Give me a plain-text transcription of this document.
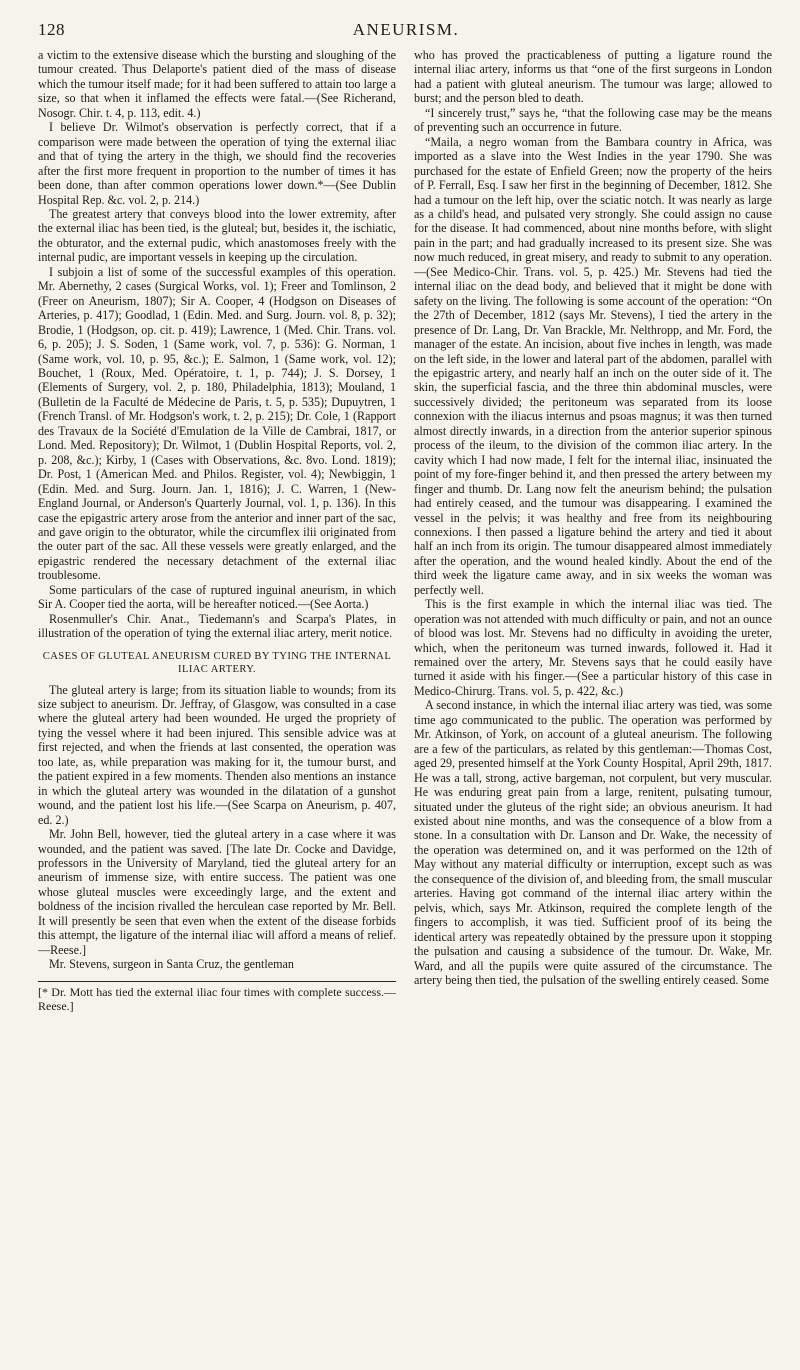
128	ANEURISM.

a victim to the extensive disease which the bursting and sloughing of the tumour created. Thus Delaporte's patient died of the mass of disease which the tumour itself made; for it had been suffered to attain too large a size, so that when it inflamed the effects were fatal.—(See Richerand, Nosogr. Chir. t. 4, p. 113, edit. 4.)

I believe Dr. Wilmot's observation is perfectly correct, that if a comparison were made between the operation of tying the external iliac and that of tying the artery in the thigh, we should find the recoveries after the first more frequent in proportion to the number of times it has been done, than after common operations lower down.*—(See Dublin Hospital Rep. &c. vol. 2, p. 214.)

The greatest artery that conveys blood into the lower extremity, after the external iliac has been tied, is the gluteal; but, besides it, the ischiatic, the obturator, and the external pudic, which anastomoses freely with the internal pudic, are important vessels in keeping up the circulation.

I subjoin a list of some of the successful examples of this operation. Mr. Abernethy, 2 cases (Surgical Works, vol. 1); Freer and Tomlinson, 2 (Freer on Aneurism, 1807); Sir A. Cooper, 4 (Hodgson on Diseases of Arteries, p. 417); Goodlad, 1 (Edin. Med. and Surg. Journ. vol. 8, p. 32); Brodie, 1 (Hodgson, op. cit. p. 419); Lawrence, 1 (Med. Chir. Trans. vol. 6, p. 205); J. S. Soden, 1 (Same work, vol. 7, p. 536): G. Norman, 1 (Same work, vol. 10, p. 95, &c.); E. Salmon, 1 (Same work, vol. 12); Bouchet, 1 (Roux, Med. Opératoire, t. 1, p. 744); J. S. Dorsey, 1 (Elements of Surgery, vol. 2, p. 180, Philadelphia, 1813); Mouland, 1 (Bulletin de la Faculté de Médecine de Paris, t. 5, p. 535); Dupuytren, 1 (French Transl. of Mr. Hodgson's work, t. 2, p. 215); Dr. Cole, 1 (Rapport des Travaux de la Société d'Emulation de la Ville de Cambrai, 1817, or Lond. Med. Repository); Dr. Wilmot, 1 (Dublin Hospital Reports, vol. 2, p. 208, &c.); Kirby, 1 (Cases with Observations, &c. 8vo. Lond. 1819); Dr. Post, 1 (American Med. and Philos. Register, vol. 4); Newbiggin, 1 (Edin. Med. and Surg. Journ. Jan. 1, 1816); J. C. Warren, 1 (New-England Journal, or Anderson's Quarterly Journal, vol. 1, p. 136). In this case the epigastric artery arose from the anterior and inner part of the sac, and gave origin to the obturator, while the circumflex ilii originated from the outer part of the sac. All these vessels were greatly enlarged, and the epigastric rendered the necessary detachment of the external iliac troublesome.

Some particulars of the case of ruptured inguinal aneurism, in which Sir A. Cooper tied the aorta, will be hereafter noticed.—(See Aorta.)

Rosenmuller's Chir. Anat., Tiedemann's and Scarpa's Plates, in illustration of the operation of tying the external iliac artery, merit notice.

CASES OF GLUTEAL ANEURISM CURED BY TYING THE INTERNAL ILIAC ARTERY.

The gluteal artery is large; from its situation liable to wounds; from its size subject to aneurism. Dr. Jeffray, of Glasgow, was consulted in a case where the gluteal artery had been wounded. He urged the propriety of tying the vessel where it had been injured. This sensible advice was at first rejected, and when the friends at last consented, the operation was too late, as, while preparation was making for it, the tumour burst, and the patient expired in a few moments. Thenden also mentions an instance in which the gluteal artery was wounded in the dilatation of a gunshot wound, and the patient lost his life.—(See Scarpa on Aneurism, p. 407, ed. 2.)

Mr. John Bell, however, tied the gluteal artery in a case where it was wounded, and the patient was saved. [The late Dr. Cocke and Davidge, professors in the University of Maryland, tied the gluteal artery for an aneurism of immense size, with entire success. The patient was one whose gluteal muscles were exceedingly large, and the extent and boldness of the incision rivalled the herculean case reported by Mr. Bell. It will presently be seen that even when the extent of the disease forbids this attempt, the ligature of the internal iliac will afford a means of relief.—Reese.]

Mr. Stevens, surgeon in Santa Cruz, the gentleman

[* Dr. Mott has tied the external iliac four times with complete success.—Reese.]

who has proved the practicableness of putting a ligature round the internal iliac artery, informs us that “one of the first surgeons in London had a patient with gluteal aneurism. The tumour was large; allowed to burst; and the person bled to death.

“I sincerely trust,” says he, “that the following case may be the means of preventing such an occurrence in future.

“Maila, a negro woman from the Bambara country in Africa, was imported as a slave into the West Indies in the year 1790. She was purchased for the estate of Enfield Green; now the property of the heirs of P. Ferrall, Esq. I saw her first in the beginning of December, 1812. She had a tumour on the left hip, over the sciatic notch. It was nearly as large as a child's head, and pulsated very strongly. She could assign no cause for the disease. It had commenced, about nine months before, with slight pain in the part; and had gradually increased to its present size. She was now much reduced, in great misery, and ready to submit to any operation.—(See Medico-Chir. Trans. vol. 5, p. 425.) Mr. Stevens had tied the internal iliac on the dead body, and believed that it might be done with safety on the living. The following is some account of the operation: “On the 27th of December, 1812 (says Mr. Stevens), I tied the artery in the presence of Dr. Lang, Dr. Van Brackle, Mr. Nelthropp, and Mr. Ford, the manager of the estate. An incision, about five inches in length, was made on the left side, in the lower and lateral part of the abdomen, parallel with the epigastric artery, and nearly half an inch on the outer side of it. The skin, the superficial fascia, and the three thin abdominal muscles, were successively divided; the peritoneum was separated from its loose connexion with the iliacus internus and psoas magnus; it was then turned almost directly inwards, in a direction from the anterior superior spinous process of the ileum, to the division of the common iliac artery. In the cavity which I had now made, I felt for the internal iliac, insinuated the point of my fore-finger behind it, and then pressed the artery between my finger and thumb. Dr. Lang now felt the aneurism behind; the pulsation had entirely ceased, and the tumour was disappearing. I examined the vessel in the pelvis; it was healthy and free from its neighbouring connexions. I then passed a ligature behind the artery and tied it about half an inch from its origin. The tumour disappeared almost immediately after the operation, and the wound healed kindly. About the end of the third week the ligature came away, and in six weeks the woman was perfectly well.

This is the first example in which the internal iliac was tied. The operation was not attended with much difficulty or pain, and not an ounce of blood was lost. Mr. Stevens had no difficulty in avoiding the ureter, which, when the peritoneum was turned inwards, followed it. Had it remained over the artery, Mr. Stevens says that he could easily have turned it aside with his finger.—(See a particular history of this case in Medico-Chirurg. Trans. vol. 5, p. 422, &c.)

A second instance, in which the internal iliac artery was tied, was some time ago communicated to the public. The operation was performed by Mr. Atkinson, of York, on account of a gluteal aneurism. The following are a few of the particulars, as related by this gentleman:—Thomas Cost, aged 29, presented himself at the York County Hospital, April 29th, 1817. He was a tall, strong, active bargeman, not corpulent, but very muscular. He was enduring great pain from a large, renitent, pulsating tumour, situated under the gluteus of the right side; an obvious aneurism. It had existed about nine months, and was the consequence of a blow from a stone. In a consultation with Dr. Lanson and Dr. Wake, the necessity of the operation was determined on, and it was performed on the 12th of May without any material difficulty or interruption, except such as was the consequence of the division of, and bleeding from, the small muscular arteries. Having got command of the internal iliac artery within the pelvis, which, says Mr. Atkinson, required the complete length of the fingers to accomplish, it was tied. Sufficient proof of its being the identical artery was repeatedly obtained by the pressure upon it stopping the pulsation and causing a subsidence of the tumour. Dr. Wake, Mr. Ward, and all the pupils were quite assured of the circumstance. The artery being then tied, the pulsation of the swelling entirely ceased. Some
